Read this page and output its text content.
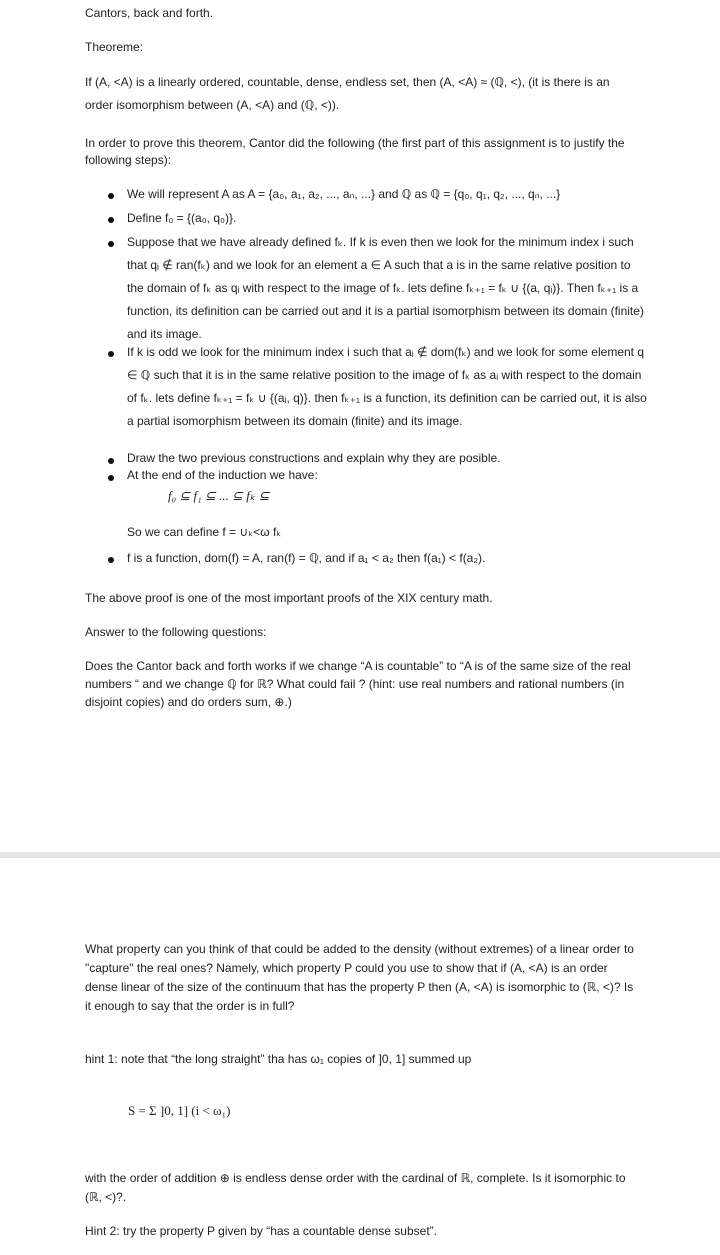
Cantors, back and forth.
Theoreme:
If (A, <A) is a linearly ordered, countable, dense, endless set, then (A, <A) ≈ (ℚ, <), (it is there is an order isomorphism between (A, <A) and (ℚ, <)).
In order to prove this theorem, Cantor did the following (the first part of this assignment is to justify the following steps):
We will represent A as A = {a₀, a₁, a₂, ..., aₙ, ...} and ℚ as ℚ = {q₀, q₁, q₂, ..., qₙ, ...}
Define f₀ = {(a₀, q₀)}.
Suppose that we have already defined fₖ. If k is even then we look for the minimum index i such that qᵢ ∉ ran(fₖ) and we look for an element a ∈ A such that a is in the same relative position to the domain of fₖ as qᵢ with respect to the image of fₖ. lets define fₖ₊₁ = fₖ ∪ {(a, qᵢ)}. Then fₖ₊₁ is a function, its definition can be carried out and it is a partial isomorphism between its domain (finite) and its image.
If k is odd we look for the minimum index i such that aᵢ ∉ dom(fₖ) and we look for some element q ∈ ℚ such that it is in the same relative position to the image of fₖ as aᵢ with respect to the domain of fₖ. lets define fₖ₊₁ = fₖ ∪ {(aᵢ, q)}. then fₖ₊₁ is a function, its definition can be carried out, it is also a partial isomorphism between its domain (finite) and its image.
Draw the two previous constructions and explain why they are posible.
At the end of the induction we have:
f₀ ⊆ f₁ ⊆ ... ⊆ fₖ ⊆
So we can define f = ∪ₖ<ω fₖ
f is a function, dom(f) = A, ran(f) = ℚ, and if a₁ < a₂ then f(a₁) < f(a₂).
The above proof is one of the most important proofs of the XIX century math.
Answer to the following questions:
Does the Cantor back and forth works if we change “A is countable” to “A is of the same size of the real numbers “ and we change ℚ for ℝ? What could fail ? (hint: use real numbers and rational numbers (in disjoint copies) and do orders sum, ⊕.)
What property can you think of that could be added to the density (without extremes) of a linear order to "capture" the real ones? Namely, which property P could you use to show that if (A, <A) is an order dense linear of the size of the continuum that has the property P then (A, <A) is isomorphic to (ℝ, <)? Is it enough to say that the order is in full?
hint 1: note that “the long straight” tha has ω₁ copies of ]0, 1] summed up
S = Σ ]0, 1] (i < ω₁)
with the order of addition ⊕ is endless dense order with the cardinal of ℝ, complete. Is it isomorphic to (ℝ, <)?.
Hint 2: try the property P given by “has a countable dense subset”.
